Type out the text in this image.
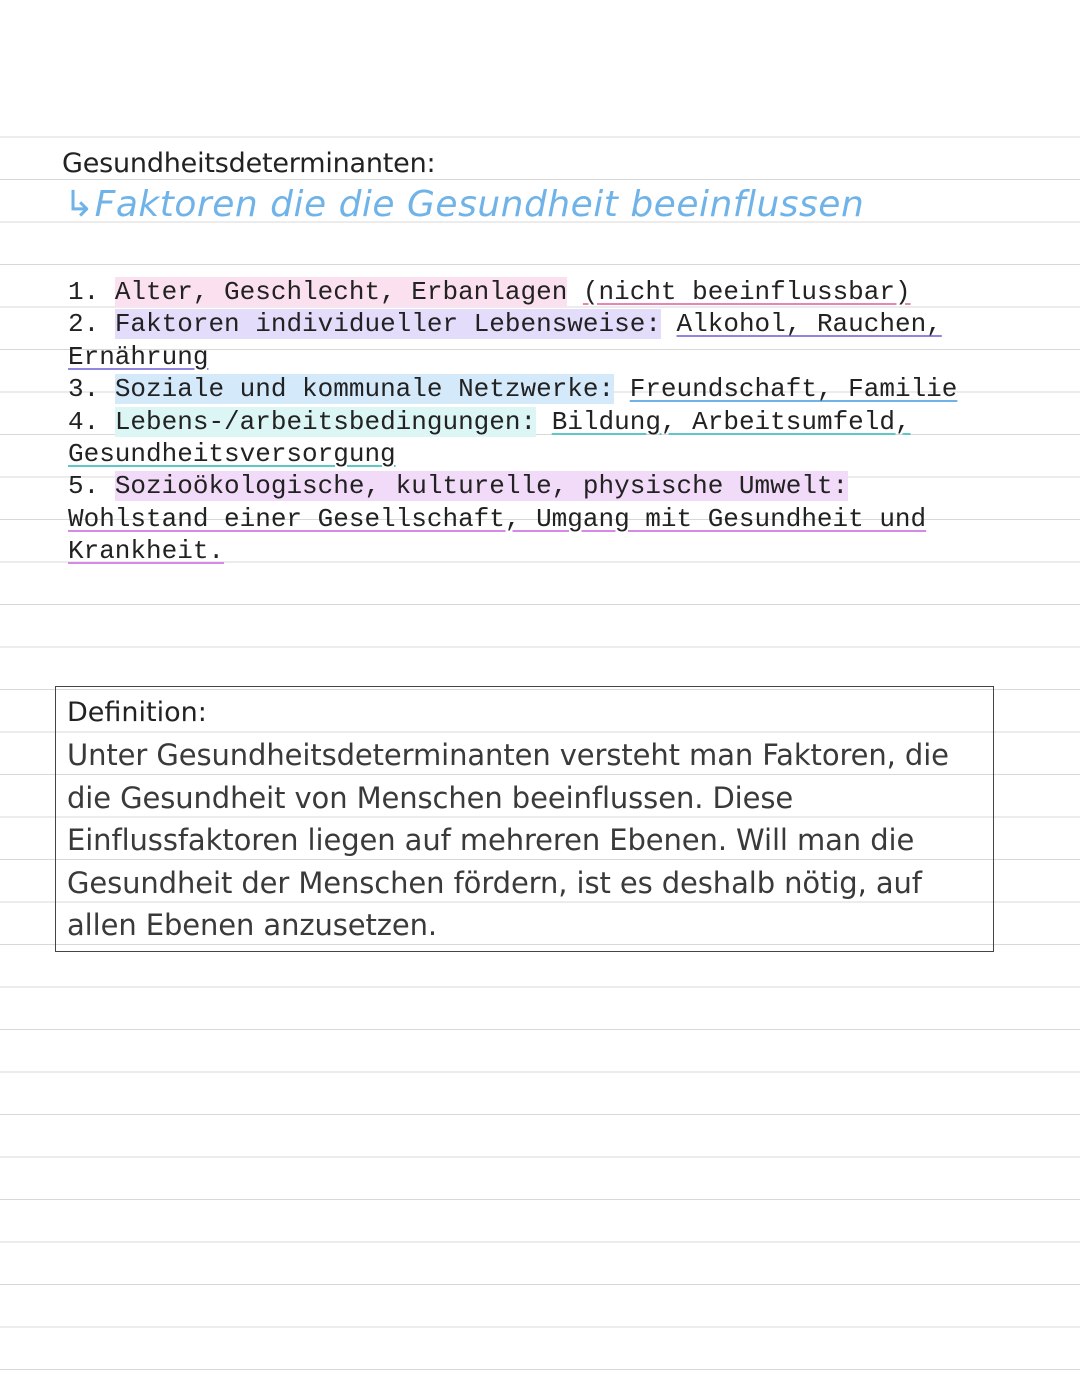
Gesundheitsdeterminanten:
↳Faktoren die die Gesundheit beeinflussen

1. Alter, Geschlecht, Erbanlagen (nicht beeinflussbar)

2. Faktoren individueller Lebensweise: Alkohol, Rauchen, Ernährung

3. Soziale und kommunale Netzwerke: Freundschaft, Familie

4. Lebens-/arbeitsbedingungen: Bildung, Arbeitsumfeld, Gesundheitsversorgung

5. Sozioökologische, kulturelle, physische Umwelt: Wohlstand einer Gesellschaft, Umgang mit Gesundheit und Krankheit.

Definition:
Unter Gesundheitsdeterminanten versteht man Faktoren, die die Gesundheit von Menschen beeinflussen. Diese Einflussfaktoren liegen auf mehreren Ebenen. Will man die Gesundheit der Menschen fördern, ist es deshalb nötig, auf allen Ebenen anzusetzen.
